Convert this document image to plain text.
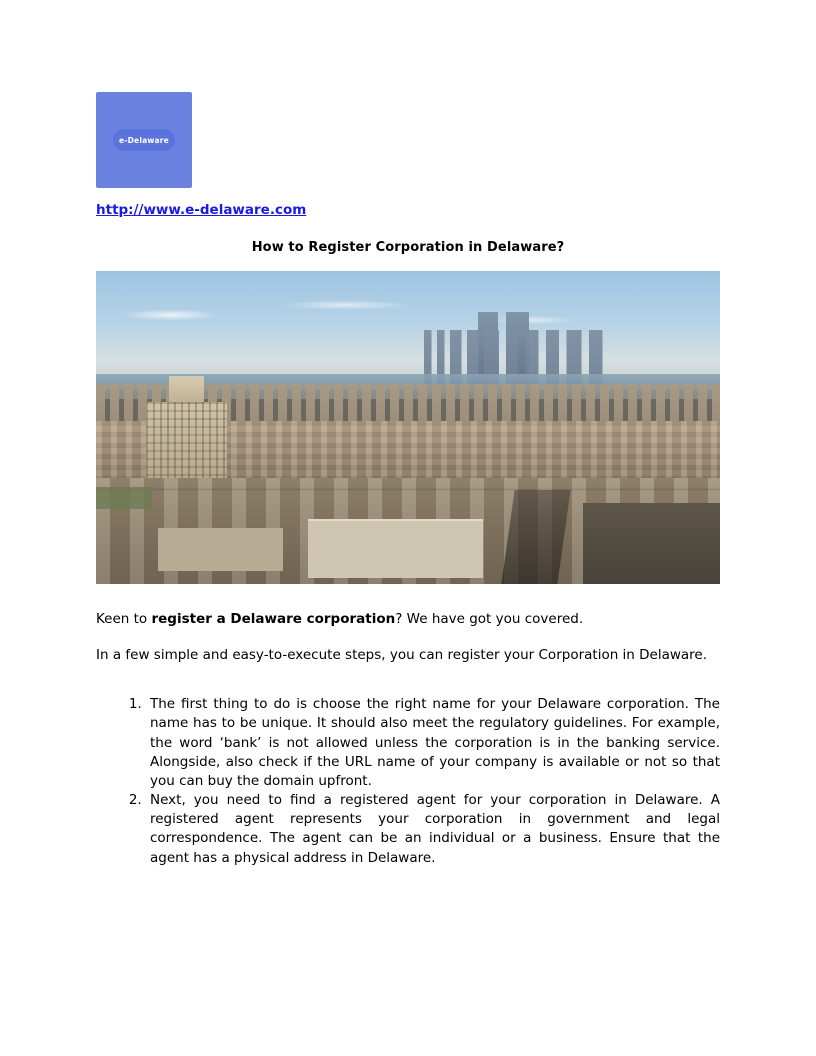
e-Delaware
http://www.e-delaware.com
How to Register Corporation in Delaware?

Keen to register a Delaware corporation? We have got you covered.

In a few simple and easy-to-execute steps, you can register your Corporation in Delaware.

1. The first thing to do is choose the right name for your Delaware corporation. The name has to be unique. It should also meet the regulatory guidelines. For example, the word ‘bank’ is not allowed unless the corporation is in the banking service. Alongside, also check if the URL name of your company is available or not so that you can buy the domain upfront.
2. Next, you need to find a registered agent for your corporation in Delaware. A registered agent represents your corporation in government and legal correspondence. The agent can be an individual or a business. Ensure that the agent has a physical address in Delaware.
